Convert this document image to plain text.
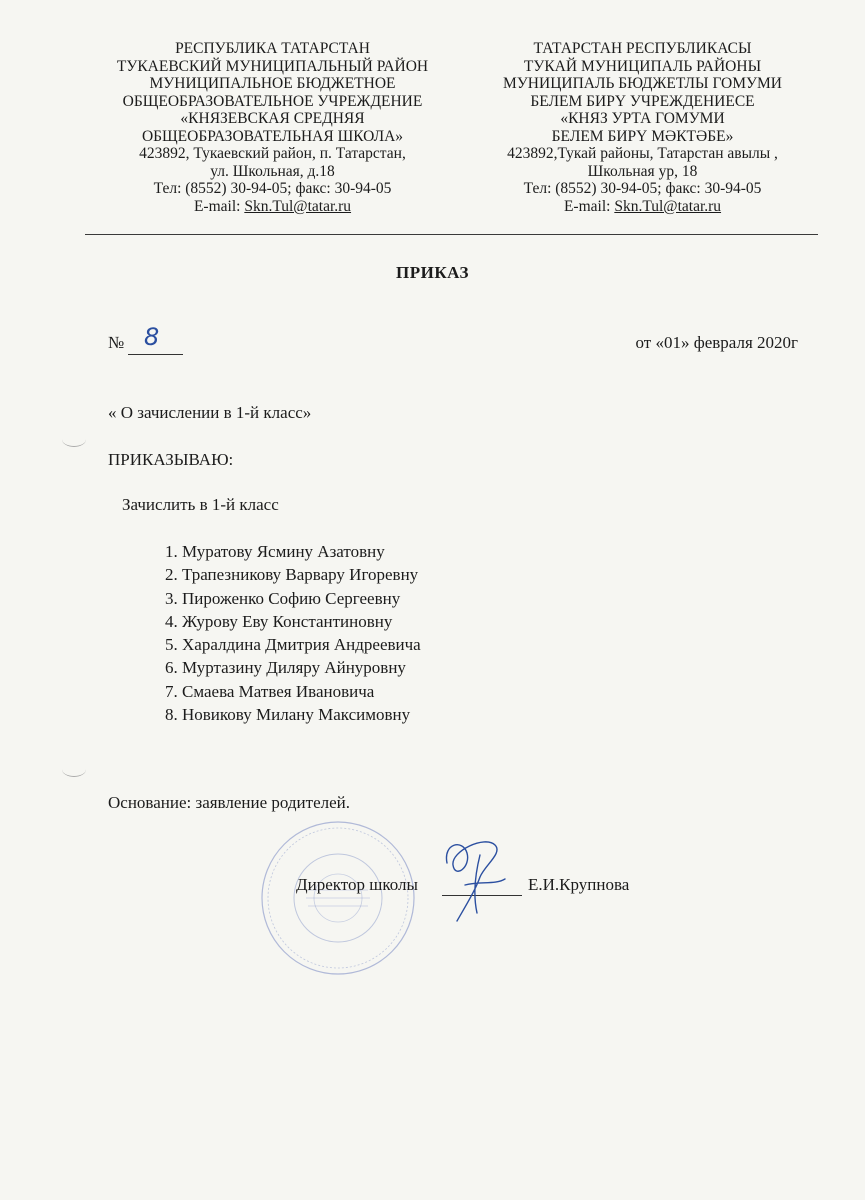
РЕСПУБЛИКА ТАТАРСТАН
ТУКАЕВСКИЙ МУНИЦИПАЛЬНЫЙ РАЙОН
МУНИЦИПАЛЬНОЕ БЮДЖЕТНОЕ
ОБЩЕОБРАЗОВАТЕЛЬНОЕ УЧРЕЖДЕНИЕ
«КНЯЗЕВСКАЯ СРЕДНЯЯ
ОБЩЕОБРАЗОВАТЕЛЬНАЯ ШКОЛА»
423892, Тукаевский район, п. Татарстан,
ул. Школьная, д.18
Тел: (8552) 30-94-05; факс: 30-94-05
E-mail: Skn.Tul@tatar.ru
ТАТАРСТАН РЕСПУБЛИКАСЫ
ТУКАЙ МУНИЦИПАЛЬ РАЙОНЫ
МУНИЦИПАЛЬ БЮДЖЕТЛЫ ГОМУМИ
БЕЛЕМ БИРҮ УЧРЕЖДЕНИЕСЕ
«КНЯЗ УРТА ГОМУМИ
БЕЛЕМ БИРҮ МӘКТӘБЕ»
423892,Тукай районы, Татарстан авылы ,
Школьная ур, 18
Тел: (8552) 30-94-05; факс: 30-94-05
E-mail: Skn.Tul@tatar.ru
ПРИКАЗ
№ 8	от «01» февраля 2020г
« О зачислении в 1-й класс»
ПРИКАЗЫВАЮ:
Зачислить в 1-й класс
1. Муратову Ясмину Азатовну
2. Трапезникову Варвару Игоревну
3. Пироженко Софию Сергеевну
4. Журову Еву Константиновну
5. Харалдина Дмитрия Андреевича
6. Муртазину Диляру Айнуровну
7. Смаева Матвея Ивановича
8. Новикову Милану Максимовну
Основание: заявление родителей.
Директор школы	Е.И.Крупнова
